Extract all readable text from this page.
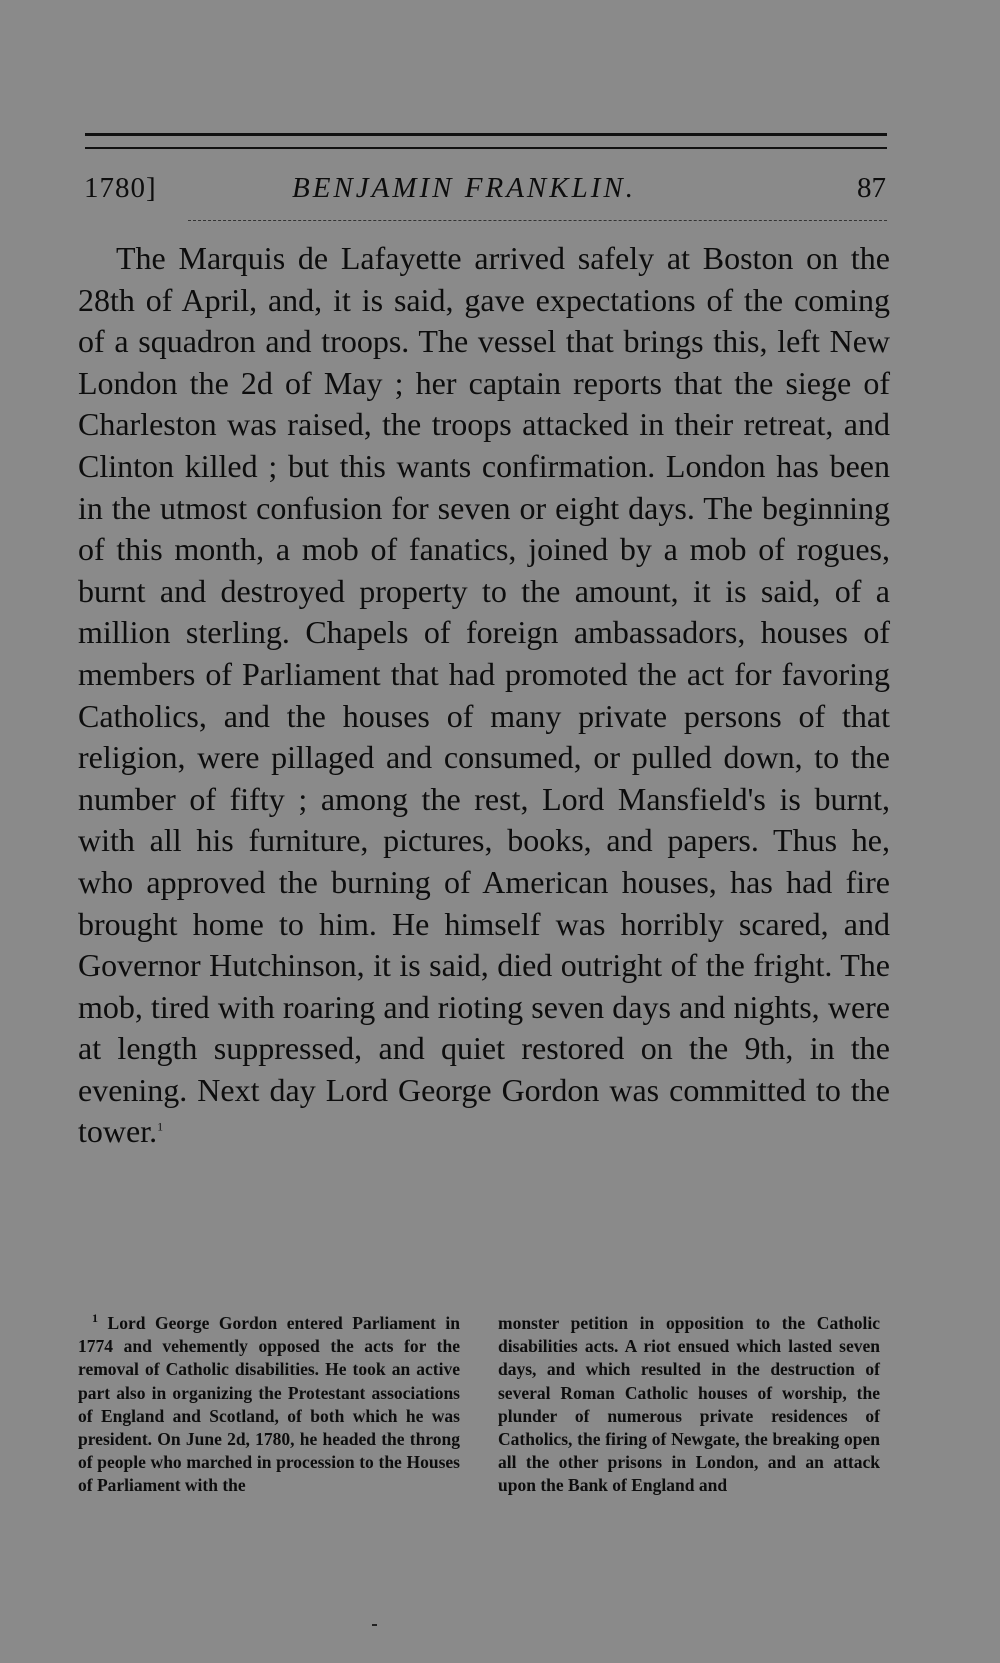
1780]	BENJAMIN FRANKLIN.	87

The Marquis de Lafayette arrived safely at Boston on the 28th of April, and, it is said, gave expectations of the coming of a squadron and troops. The vessel that brings this, left New London the 2d of May ; her captain reports that the siege of Charleston was raised, the troops attacked in their retreat, and Clinton killed ; but this wants confirmation. London has been in the utmost confusion for seven or eight days. The beginning of this month, a mob of fanatics, joined by a mob of rogues, burnt and destroyed property to the amount, it is said, of a million sterling. Chapels of foreign ambassadors, houses of members of Parliament that had promoted the act for favoring Catholics, and the houses of many private persons of that religion, were pillaged and consumed, or pulled down, to the number of fifty ; among the rest, Lord Mansfield's is burnt, with all his furniture, pictures, books, and papers. Thus he, who approved the burning of American houses, has had fire brought home to him. He himself was horribly scared, and Governor Hutchinson, it is said, died outright of the fright. The mob, tired with roaring and rioting seven days and nights, were at length suppressed, and quiet restored on the 9th, in the evening. Next day Lord George Gordon was committed to the tower.$^1$

$^1$ Lord George Gordon entered Parliament in 1774 and vehemently opposed the acts for the removal of Catholic disabilities. He took an active part also in organizing the Protestant associations of England and Scotland, of both which he was president. On June 2d, 1780, he headed the throng of people who marched in procession to the Houses of Parliament with the

monster petition in opposition to the Catholic disabilities acts. A riot ensued which lasted seven days, and which resulted in the destruction of several Roman Catholic houses of worship, the plunder of numerous private residences of Catholics, the firing of Newgate, the breaking open all the other prisons in London, and an attack upon the Bank of England and
